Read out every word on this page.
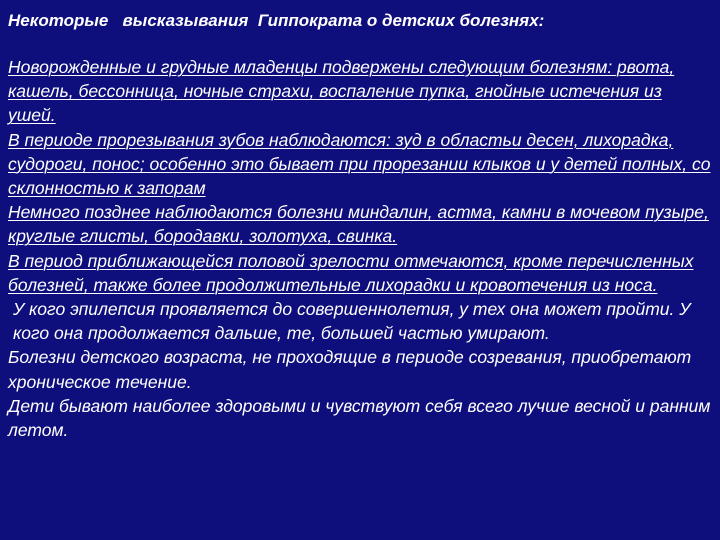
Некоторые   высказывания  Гиппократа о детских болезнях:

Новорожденные и грудные младенцы подвержены следующим болезням: рвота, кашель, бессонница, ночные страхи, воспаление пупка, гнойные истечения из ушей.

В периоде прорезывания зубов наблюдаются: зуд в областьи десен, лихорадка, судороги, понос; особенно это бывает при прорезании клыков и у детей полных, со склонностью к запорам

Немного позднее наблюдаются болезни миндалин, астма, камни в мочевом пузыре, круглые глисты, бородавки, золотуха, свинка.

В период приближающейся половой зрелости отмечаются, кроме перечисленных болезней, также более продолжительные лихорадки и кровотечения из носа.

У кого эпилепсия проявляется до совершеннолетия, у тех она может пройти. У кого она продолжается дальше, те, большей частью умирают.

Болезни детского возраста, не проходящие в периоде созревания, приобретают хроническое течение.

Дети бывают наиболее здоровыми и чувствуют себя всего лучше весной и ранним летом.
